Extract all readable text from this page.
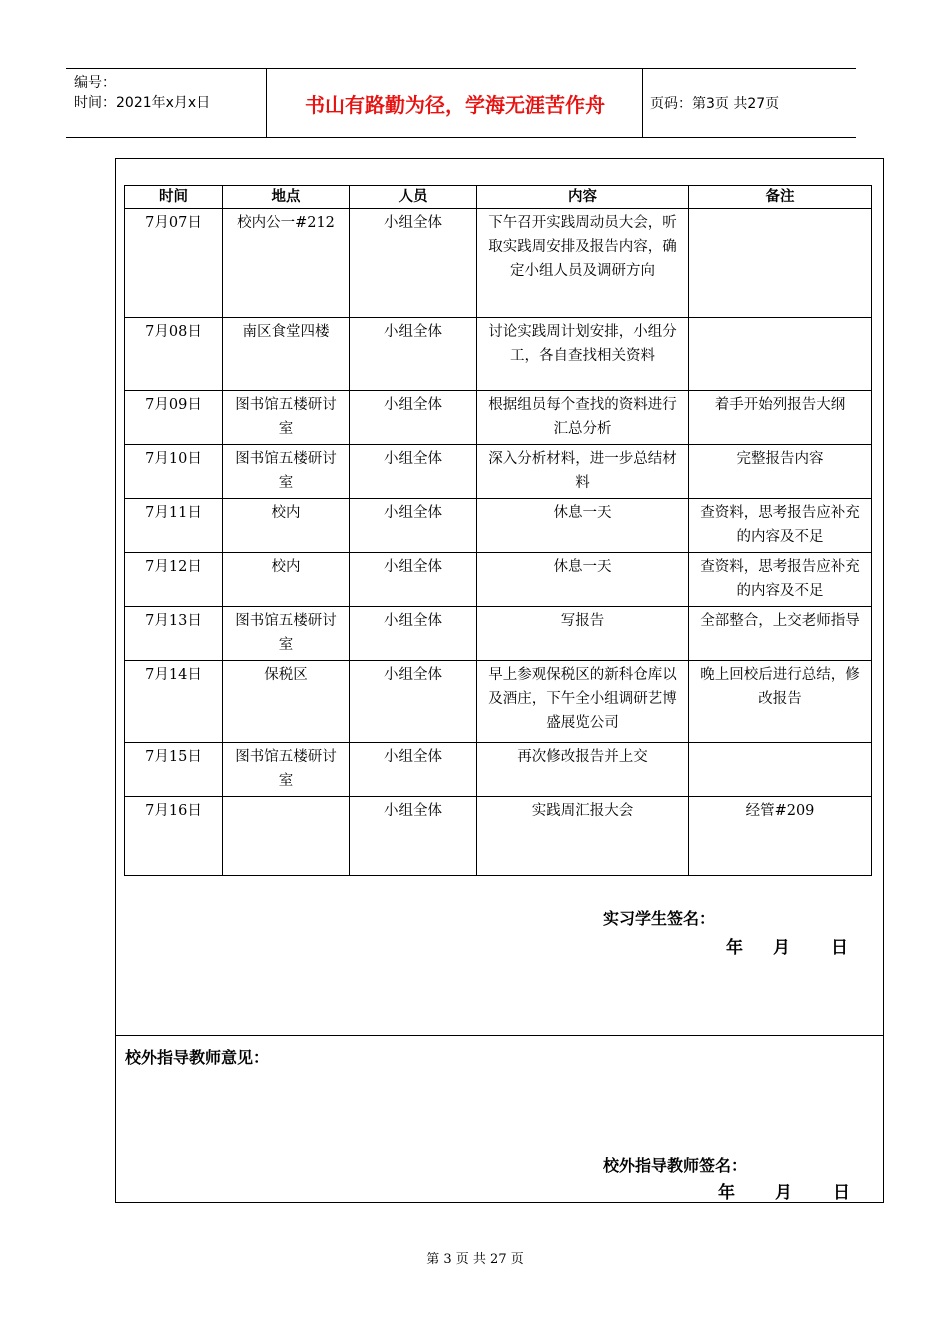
编号：
时间：2021年x月x日	书山有路勤为径，学海无涯苦作舟	页码：第3页 共27页
时间	地点	人员	内容	备注
7月07日	校内公一#212	小组全体	下午召开实践周动员大会，听取实践周安排及报告内容，确定小组人员及调研方向	
7月08日	南区食堂四楼	小组全体	讨论实践周计划安排，小组分工，各自查找相关资料	
7月09日	图书馆五楼研讨室	小组全体	根据组员每个查找的资料进行汇总分析	着手开始列报告大纲
7月10日	图书馆五楼研讨室	小组全体	深入分析材料，进一步总结材料	完整报告内容
7月11日	校内	小组全体	休息一天	查资料，思考报告应补充的内容及不足
7月12日	校内	小组全体	休息一天	查资料，思考报告应补充的内容及不足
7月13日	图书馆五楼研讨室	小组全体	写报告	全部整合，上交老师指导
7月14日	保税区	小组全体	早上参观保税区的新科仓库以及酒庄，下午全小组调研艺博盛展览公司	晚上回校后进行总结，修改报告
7月15日	图书馆五楼研讨室	小组全体	再次修改报告并上交	
7月16日		小组全体	实践周汇报大会	经管#209
实习学生签名：
年 月 日
校外指导教师意见：
校外指导教师签名：
年 月 日
第 3 页 共 27 页
